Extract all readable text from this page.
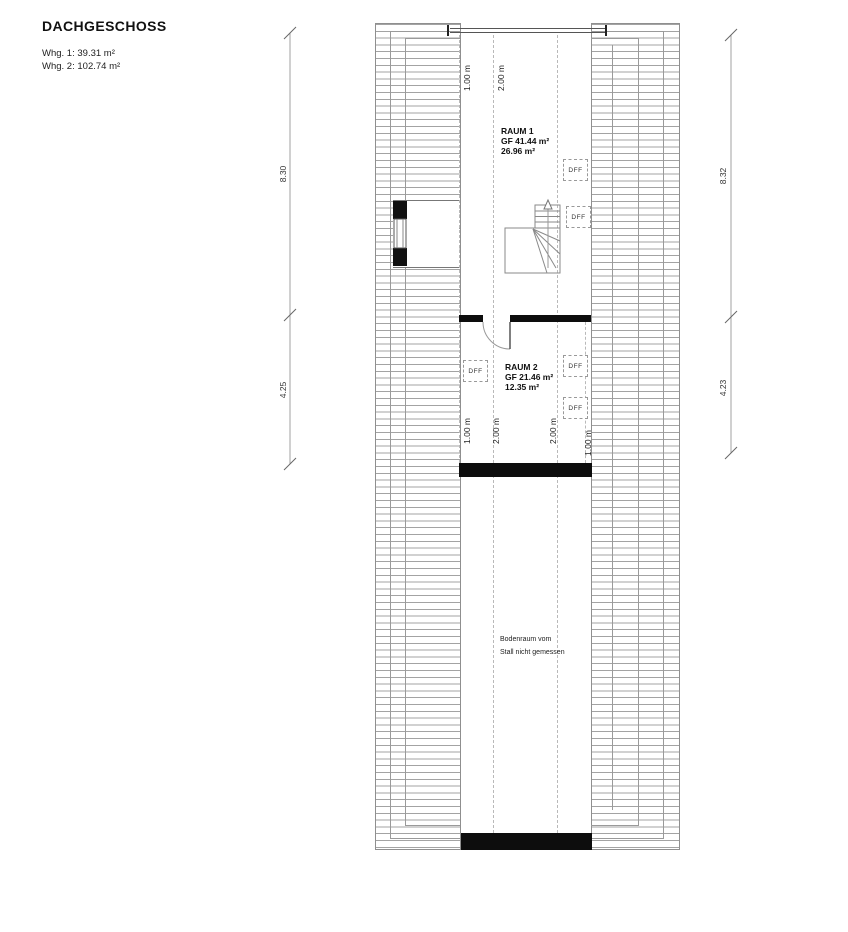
DACHGESCHOSS
Whg. 1: 39.31 m²
Whg. 2: 102.74 m²
DFF
DFF
DFF
DFF
DFF
RAUM 1
GF 41.44 m²
26.96 m²
RAUM 2
GF 21.46 m²
12.35 m²
Bodenraum vom
Stall nicht gemessen
1.00 m	2.00 m
1.00 m 2.00 m	2.00 m	1.00 m
8.30
4.25
8.32
4.23
